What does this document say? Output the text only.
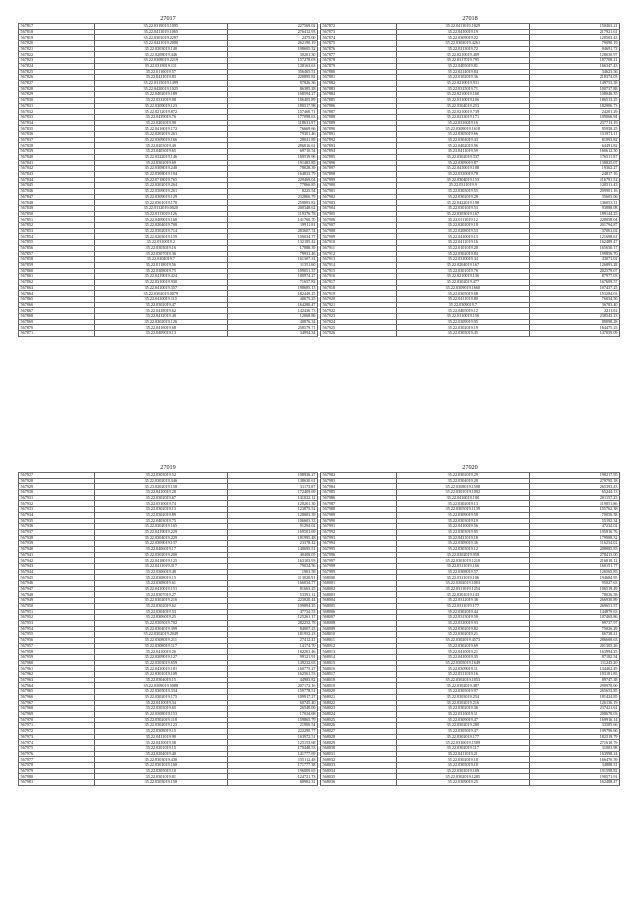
27017
567817	35.22.0319019.1095	227569.02
567818	35.22.0411019.1065	276412.93
567819	35.22.0301019.2297	2475.00
567820	35.22.0421019.2080	262190.19
567821	35.22.0303019.140	198605.32
567822	35.22.0208019.446	30201.30
567823	35.22.0308019.2219	157278.03
567824	35.22.0318019.111	138163.63
567825	35.22.0110019.57	356465.51
567826	35.22.0411019.83	220895.82
567827	35.22.0315019.1499	97826.36
567828	35.22.0420019.1025	86385.28
567829	35.22.0402019.189	168594.27
567830	35.22.0312019.08	186405.89
567831	35.22.0309019.123	180517.98
567832	35.22.0212019.872	157468.71
567833	35.22.0419019.76	177098.63
567834	35.22.0202019.90	118631.97
567835	35.22.0416019.172	76669.66
567836	35.22.0202019.261	79301.46
567837	35.22.0309019.166	28041.89
567838	35.22.0203019.49	286816.61
567839	35.23.0403019.65	69710.54
567840	35.22.0322019.146	169519.96
567841	35.22.0302019.69	191483.85
567842	35.22.0308019.240	78028.39
567843	35.22.0308019.194	164833.79
567844	35.22.0718019.765	229469.04
567845	35.22.0302019.264	77866.85
567846	35.22.0309019.261	8225.54
567847	35.22.0309019.129	232866.79
567848	35.22.0301019.170	259893.82
567849	35.22.0112019.0020	200348.62
567850	35.22.0113019.126	119376.78
567851	35.22.0409019.168	141760.70
567852	35.22.0204019.708	19911.81
567853	35.22.0302019.714	283607.74
567854	35.22.0203019.159	109034.77
567855	35.22.0310019.2	132185.42
567856	35.22.0303019.16	17888.39
567857	35.22.0307019.36	79931.46
567858	35.22.0204019.7	161307.31
567859	35.22.0118019.56	11351.60
567860	35.22.0308019.75	109051.37
567861	35.22.0419019.424	180974.27
567862	35.22.0310019.930	71657.82
567863	35.22.0410019.357	198685.13
567864	35.22.0302019.0079	182449.25
567865	35.22.0410019.115	40675.25
567866	35.22.0302019.47	164280.47
567867	35.22.0418019.62	142436.73
567868	35.22.0412019.40	12868.86
567869	35.22.0302019.126	40876.34
567870	35.22.0416019.68	258579.71
567871	35.22.0409019.13	34994.34
27018
567872	35.22.0411019.1829	150463.21
567873	35.22.0410019.19	217921.61
567874	35.22.0309019.22	120503.43
567875	35.22.0302019.4261	79090.19
567876	35.22.0213019.72	94691.73
567877	35.22.0210019.409	128030.97
567878	35.22.0317019.795	187708.21
567879	35.22.0405019.81	166347.43
567880	35.22.0214019.84	34623.56
567881	35.22.0102019.36	218374.03
567882	35.22.0210019.931	149753.38
567883	35.22.0315019.71	100737.88
567884	35.22.0210019.160	108046.35
567885	35.22.0310019.106	186513.25
567886	35.22.0304019.253	182906.73
567887	35.22.0210019.739	24201.29
567888	35.22.0213019.171	109066.94
567889	35.22.0316019.16	237713.19
567890	35.22.0309019.1618	95958.25
567891	35.22.0305019.66	151971.11
567892	35.22.0304019.43	81093.82
567893	35.22.0402019.96	64491.82
567894	35.23.0411019.59	160612.50
567895	35.22.0302019.337	176511.87
567896	35.22.0309019.87	138825.07
567897	35.22.0410019.108	19362.27
567898	35.22.0310019.78	24817.16
567899	35.22.0304019.153	116791.52
567900	35.22.0311019.9	120511.43
567901	35.22.0303019.55	209901.16
567902	35.22.0302019.20	35603.06
567903	35.22.0422019.198	136053.11
567904	35.22.0301019.53	93888.08
567905	35.22.0303019.167	189144.25
567906	35.22.0111019.12	228058.04
567907	35.22.0202019.18	201794.87
567908	35.22.0208019.53	37061.02
567909	35.22.0410019.13	121698.61
567910	35.22.0411019.16	162489.47
567911	35.22.0101019.20	165650.17
567912	35.22.0302019.84	199856.70
567913	35.22.0310019.34	43071.02
567914	35.22.0204019.167	126893.28
567915	35.22.0301019.76	202579.07
567916	35.22.0210019.136	87977.03
567917	35.22.0302019.477	167609.57
567918	35.22.0309019.1660	107437.25
567919	35.22.0305019.68	153284.03
567920	35.22.0411019.80	76034.56
567921	35.22.0309019.7	36783.40
567922	35.22.0405019.12	2211.02
567923	35.22.0310019.156	238543.23
567924	35.22.0309019.95	89098.28
567925	35.22.0302019.19	164475.25
567926	35.22.0305019.45	147059.09
27019
567927	35.22.0303019.52	108936.27
567928	35.22.0302019.346	138630.61
567929	35.23.0202019.158	31173.87
567930	35.22.0410019.28	172409.69
567931	35.22.0302019.67	141022.12
567932	35.22.0310019.74	120201.30
567933	35.22.0302019.13	123875.52
567934	35.22.0302019.89	128003.39
567935	35.22.0403019.75	106603.33
567936	35.22.0302019.165	91294.02
567937	35.22.0419019.229	169501.69
567938	35.22.0304019.229	181995.48
567939	35.22.0309019.137	23378.42
567940	35.22.0406019.17	140695.51
567941	35.22.0302019.200	40408.05
567942	35.22.0418019.125	163103.93
567943	35.22.0411019.417	79024.56
567944	35.22.0306019.40	1963.58
567945	35.22.0308019.15	113020.91
567946	35.22.0308019.61	166034.77
567947	35.22.0410019.151	81663.25
567948	35.22.0307019.27	53391.12
567949	35.22.0302019.216	223020.44
567950	35.22.0302019.62	109894.25
567951	35.22.0304019.53	47734.53
567952	35.22.0306019.25	125261.17
567953	35.22.0305019.702	282252.78
567954	35.22.0304019.399	84007.23
567955	35.22.0302019.2049	181952.23
567956	35.22.0308019.211	27412.41
567957	35.22.0308019.117	14174.70
567958	35.22.0410019.26	162201.46
567959	35.22.0309019.127	99121.91
567960	35.22.0303019.659	149232.63
567961	35.22.0410019.181	160775.27
567962	35.22.0301019.109	162561.53
567963	35.22.0304019.15	44983.82
567964	35.22.0309019.5088	207172.16
567965	35.22.0305019.334	159778.51
567966	35.22.0302019.175	109917.27
567967	35.22.0410019.34	60745.40
567968	35.22.0303019.65	26548.00
567969	35.22.0308019.153	17024.68
567970	35.22.0302019.118	159865.79
567971	35.22.0302019.123	21906.54
567972	35.22.0308019.15	222290.77
567973	35.22.0411019.90	163972.51
567974	35.22.0410019.58	125153.68
567975	35.22.0201019.15	170448.53
567976	35.22.0204019.40	141777.69
567977	35.22.0303019.430	155112.48
567978	35.22.0301019.168	171777.38
567979	35.22.0305019.10	196009.65
567980	35.22.0301019.81	124721.73
567981	35.22.0303019.158	88982.31
27020
567982	35.22.0302019.29	198217.95
567983	35.22.0304019.29	279795.18
567984	35.22.0308019.1508	265393.43
567985	35.22.0301019.1002	65244.13
567986	35.22.0416019.100	201157.25
567987	35.22.0302019.13	119051.86
567988	35.22.0305019.1139	155762.38
567989	35.22.0309019.58	70056.38
567990	35.22.0303019.19	55192.34
567991	35.22.0410019.56	47234.02
567992	35.22.0303019.95	195816.76
567993	35.22.0411019.18	179988.32
567994	35.22.0309019.36	116254.02
567995	35.22.0303019.12	208085.83
567996	35.22.0302019.958	278413.00
567997	35.22.0301019.1210	216810.12
567998	35.22.0311019.166	160151.77
567999	35.22.0308019.57	126565.85
568000	35.22.0311019.106	194684.95
568001	35.22.0302019.1003	95027.63
568002	35.22.0311019.1254	106519.49
568003	35.22.0301019.143	78026.58
568004	35.22.0312019.38	266930.89
568005	35.22.0311019.177	269651.57
568006	35.22.0302019.44	144879.63
568007	35.22.0313019.59	107465.86
568008	35.22.0310019.93	89737.97
568009	35.22.0302019.82	75026.29
568010	35.22.0302019.21	66738.41
568011	35.22.0302019.4573	286668.63
568012	35.22.0302019.69	201305.26
568013	35.22.0410019.21	163994.25
568014	35.22.0410019.35	87182.54
568015	35.22.0305019.1649	111243.20
568016	35.22.0309019.11	134462.49
568017	35.22.0311019.16	193181.85
568018	35.22.0302019.1853	89747.38
568019	35.22.0302019.487	290978.00
568020	35.22.0305019.97	265653.85
568021	35.22.0303019.254	181424.85
568022	35.22.0302019.216	126136.19
568023	35.22.0302019.36	237421.61
568024	35.22.0316019.11	208678.03
568025	35.22.0309019.47	169916.14
568026	35.22.0302019.280	33585.66
568027	35.22.0305019.47	199796.66
568028	35.22.0302019.177	182319.79
568029	35.22.0310019.1509	271610.79
568030	35.22.0302019.117	31003.98
568031	35.22.0411019.21	163998.24
568032	35.22.0302019.18	166470.59
568033	35.22.0305019.10	34888.31
568034	35.22.0301019.109	191598.82
568035	35.22.0302019.1285	190571.91
568036	35.22.0309019.25	162488.47
